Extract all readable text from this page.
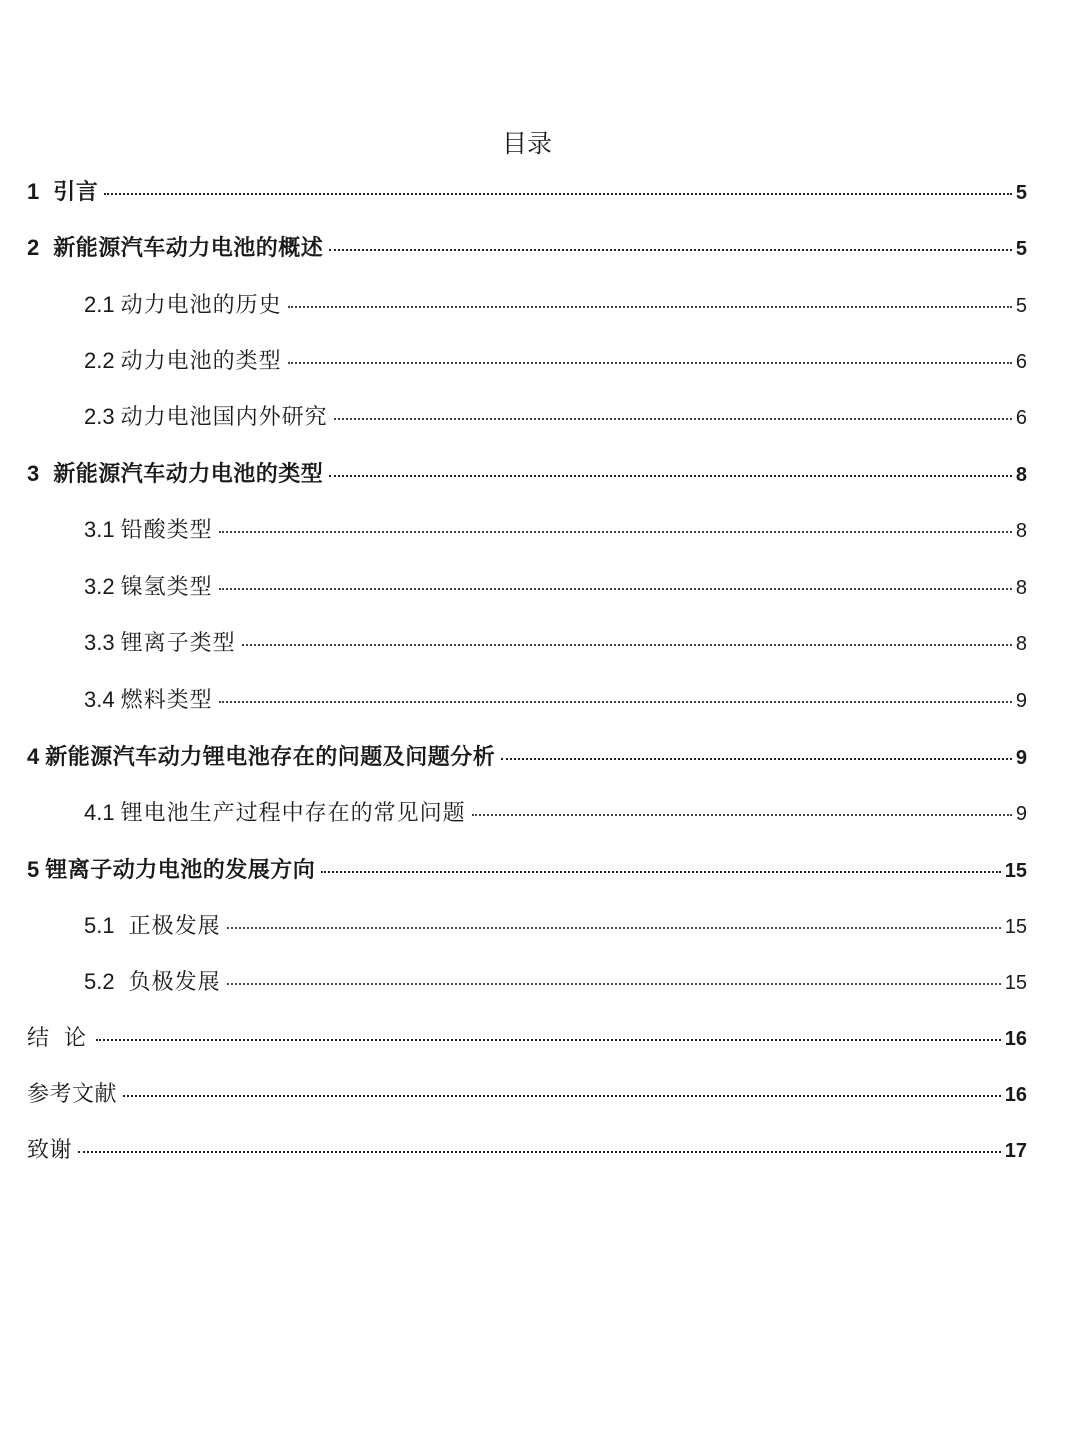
目录
1 引言	5
2 新能源汽车动力电池的概述	5
2.1 动力电池的历史	5
2.2 动力电池的类型	6
2.3 动力电池国内外研究	6
3 新能源汽车动力电池的类型	8
3.1 铅酸类型	8
3.2 镍氢类型	8
3.3 锂离子类型	8
3.4 燃料类型	9
4 新能源汽车动力锂电池存在的问题及问题分析	9
4.1 锂电池生产过程中存在的常见问题	9
5 锂离子动力电池的发展方向	15
5.1 正极发展	15
5.2 负极发展	15
结 论	16
参考文献	16
致谢	17
